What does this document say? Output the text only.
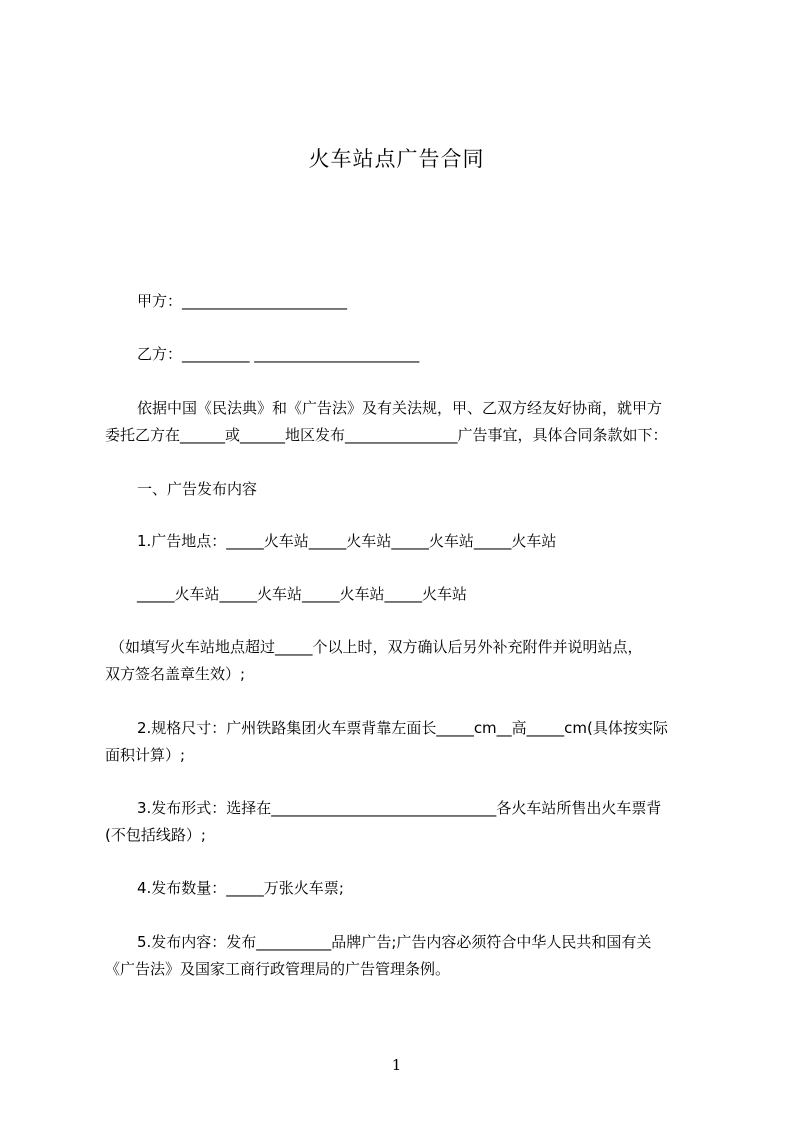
火车站点广告合同
甲方：______________________
乙方：_________ ______________________
依据中国《民法典》和《广告法》及有关法规，甲、乙双方经友好协商，就甲方
委托乙方在______或______地区发布_______________广告事宜，具体合同条款如下：
一、广告发布内容
1.广告地点：_____火车站_____火车站_____火车站_____火车站
_____火车站_____火车站_____火车站_____火车站
（如填写火车站地点超过_____个以上时，双方确认后另外补充附件并说明站点，
双方签名盖章生效）;
2.规格尺寸：广州铁路集团火车票背靠左面长_____cm__高_____cm(具体按实际
面积计算）;
3.发布形式：选择在______________________________各火车站所售出火车票背
(不包括线路）;
4.发布数量：_____万张火车票;
5.发布内容：发布__________品牌广告;广告内容必须符合中华人民共和国有关
《广告法》及国家工商行政管理局的广告管理条例。
1
